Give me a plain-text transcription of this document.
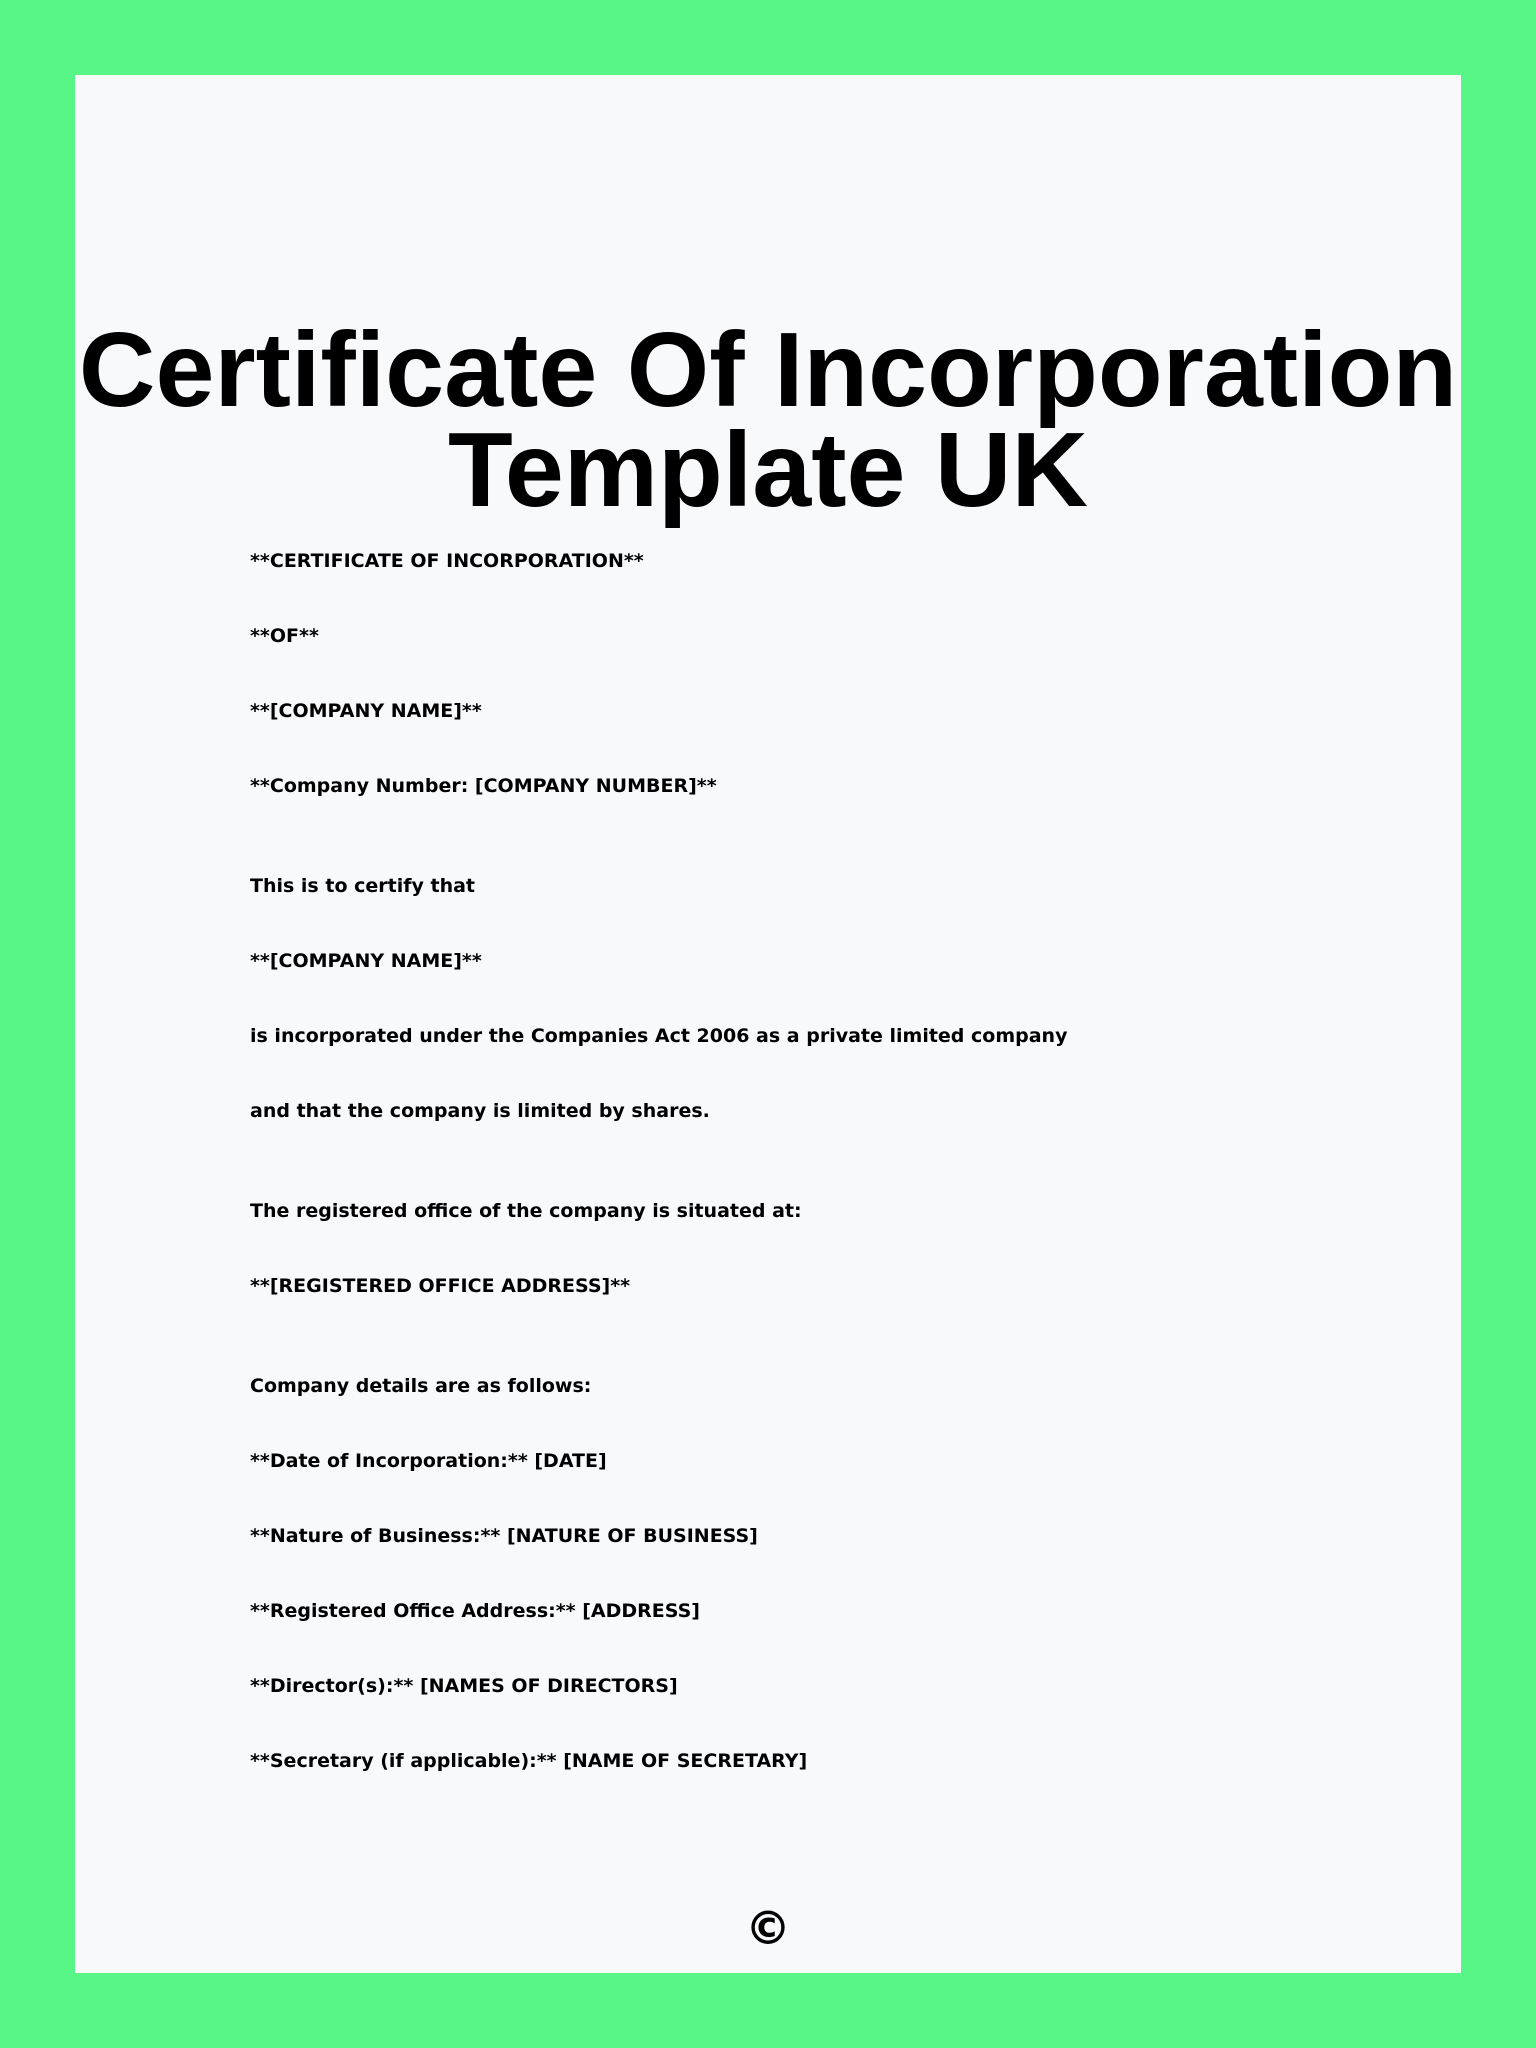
Certificate Of Incorporation
Template UK

**CERTIFICATE OF INCORPORATION**

**OF**

**[COMPANY NAME]**

**Company Number: [COMPANY NUMBER]**

This is to certify that

**[COMPANY NAME]**

is incorporated under the Companies Act 2006 as a private limited company

and that the company is limited by shares.

The registered office of the company is situated at:

**[REGISTERED OFFICE ADDRESS]**

Company details are as follows:

**Date of Incorporation:** [DATE]

**Nature of Business:** [NATURE OF BUSINESS]

**Registered Office Address:** [ADDRESS]

**Director(s):** [NAMES OF DIRECTORS]

**Secretary (if applicable):** [NAME OF SECRETARY]

©
